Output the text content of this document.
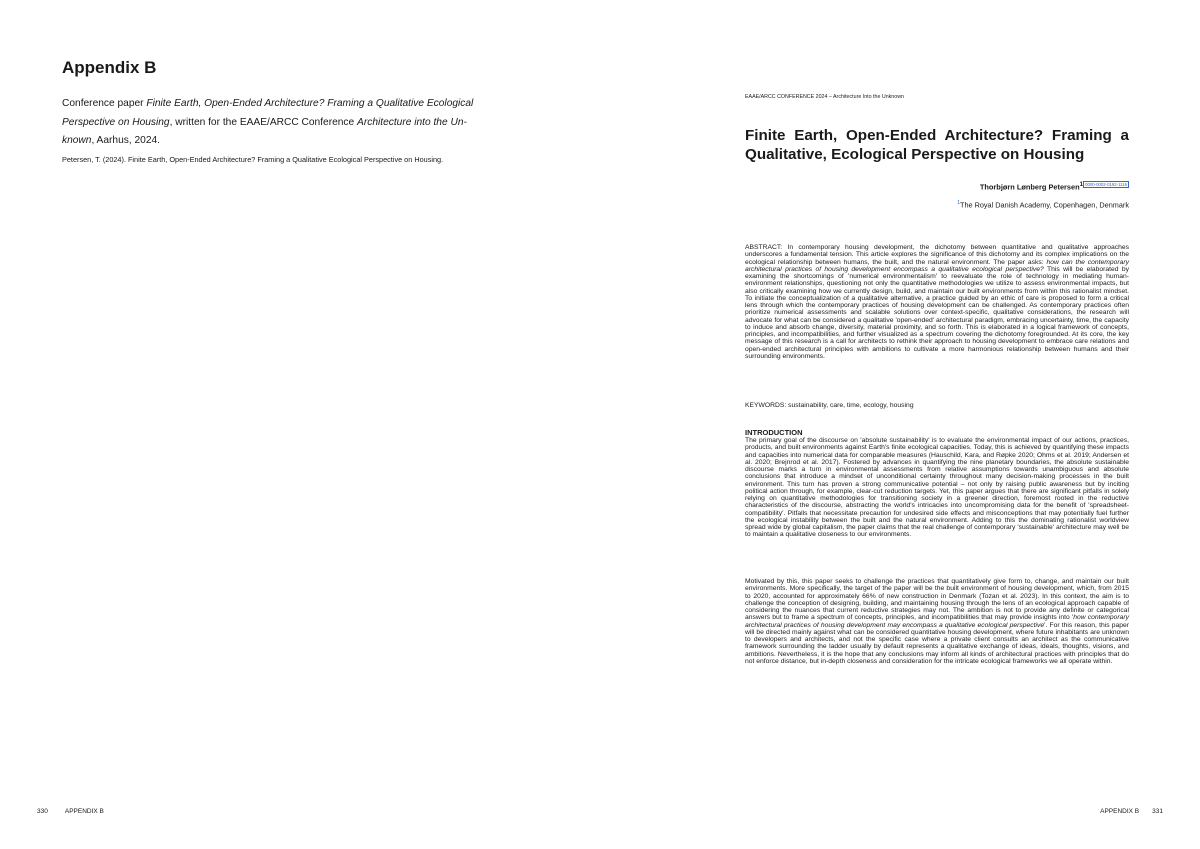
Appendix B

Conference paper Finite Earth, Open-Ended Architecture? Framing a Qualitative Ecological Perspective on Housing, written for the EAAE/ARCC Conference Architecture into the Un-known, Aarhus, 2024.

Petersen, T. (2024). Finite Earth, Open-Ended Architecture? Framing a Qualitative Ecological Perspective on Housing.

330	APPENDIX B

EAAE/ARCC CONFERENCE 2024 – Architecture Into the Unknown

Finite Earth, Open-Ended Architecture? Framing a Qualitative, Ecological Perspective on Housing

Thorbjørn Lønberg Petersen$^1$ $^{0000-0002-0192-1116}$

$^1$The Royal Danish Academy, Copenhagen, Denmark

ABSTRACT: In contemporary housing development, the dichotomy between quantitative and qualitative approaches underscores a fundamental tension. This article explores the significance of this dichotomy and its complex implications on the ecological relationship between humans, the built, and the natural environment. The paper asks: how can the contemporary architectural practices of housing development encompass a qualitative ecological perspective? This will be elaborated by examining the shortcomings of 'numerical environmentalism' to reevaluate the role of technology in mediating human-environment relationships, questioning not only the quantitative methodologies we utilize to assess environmental impacts, but also critically examining how we currently design, build, and maintain our built environments from within this rationalist mindset. To initiate the conceptualization of a qualitative alternative, a practice guided by an ethic of care is proposed to form a critical lens through which the contemporary practices of housing development can be challenged. As contemporary practices often prioritize numerical assessments and scalable solutions over context-specific, qualitative considerations, the research will advocate for what can be considered a qualitative 'open-ended' architectural paradigm, embracing uncertainty, time, the capacity to induce and absorb change, diversity, material proximity, and so forth. This is elaborated in a logical framework of concepts, principles, and incompatibilities, and further visualized as a spectrum covering the dichotomy foregrounded. At its core, the key message of this research is a call for architects to rethink their approach to housing development to embrace care relations and open-ended architectural principles with ambitions to cultivate a more harmonious relationship between humans and their surrounding environments.

KEYWORDS: sustainability, care, time, ecology, housing

INTRODUCTION

The primary goal of the discourse on 'absolute sustainability' is to evaluate the environmental impact of our actions, practices, products, and built environments against Earth's finite ecological capacities. Today, this is achieved by quantifying these impacts and capacities into numerical data for comparable measures (Hauschild, Kara, and Røpke 2020; Ohms et al. 2019; Andersen et al. 2020; Brejnrod et al. 2017). Fostered by advances in quantifying the nine planetary boundaries, the absolute sustainable discourse marks a turn in environmental assessments from relative assumptions towards unambiguous and absolute conclusions that introduce a mindset of unconditional certainty throughout many decision-making processes in the built environment. This turn has proven a strong communicative potential – not only by raising public awareness but by inciting political action through, for example, clear-cut reduction targets. Yet, this paper argues that there are significant pitfalls in solely relying on quantitative methodologies for transitioning society in a greener direction, foremost rooted in the reductive characteristics of the discourse, abstracting the world's intricacies into uncompromising data for the benefit of 'spreadsheet-compatibility'. Pitfalls that necessitate precaution for undesired side effects and misconceptions that may potentially fuel further the ecological instability between the built and the natural environment. Adding to this the dominating rationalist worldview spread wide by global capitalism, the paper claims that the real challenge of contemporary 'sustainable' architecture may well be to maintain a qualitative closeness to our environments.

Motivated by this, this paper seeks to challenge the practices that quantitatively give form to, change, and maintain our built environments. More specifically, the target of the paper will be the built environment of housing development, which, from 2015 to 2020, accounted for approximately 66% of new construction in Denmark (Tozan et al. 2023). In this context, the aim is to challenge the conception of designing, building, and maintaining housing through the lens of an ecological approach capable of considering the nuances that current reductive strategies may not. The ambition is not to provide any definite or categorical answers but to frame a spectrum of concepts, principles, and incompatibilities that may provide insights into 'how contemporary architectural practices of housing development may encompass a qualitative ecological perspective'. For this reason, this paper will be directed mainly against what can be considered quantitative housing development, where future inhabitants are unknown to developers and architects, and not the specific case where a private client consults an architect as the communicative framework surrounding the ladder usually by default represents a qualitative exchange of ideas, ideals, thoughts, visions, and ambitions. Nevertheless, it is the hope that any conclusions may inform all kinds of architectural practices with principles that do not enforce distance, but in-depth closeness and consideration for the intricate ecological frameworks we all operate within.

APPENDIX B 331
